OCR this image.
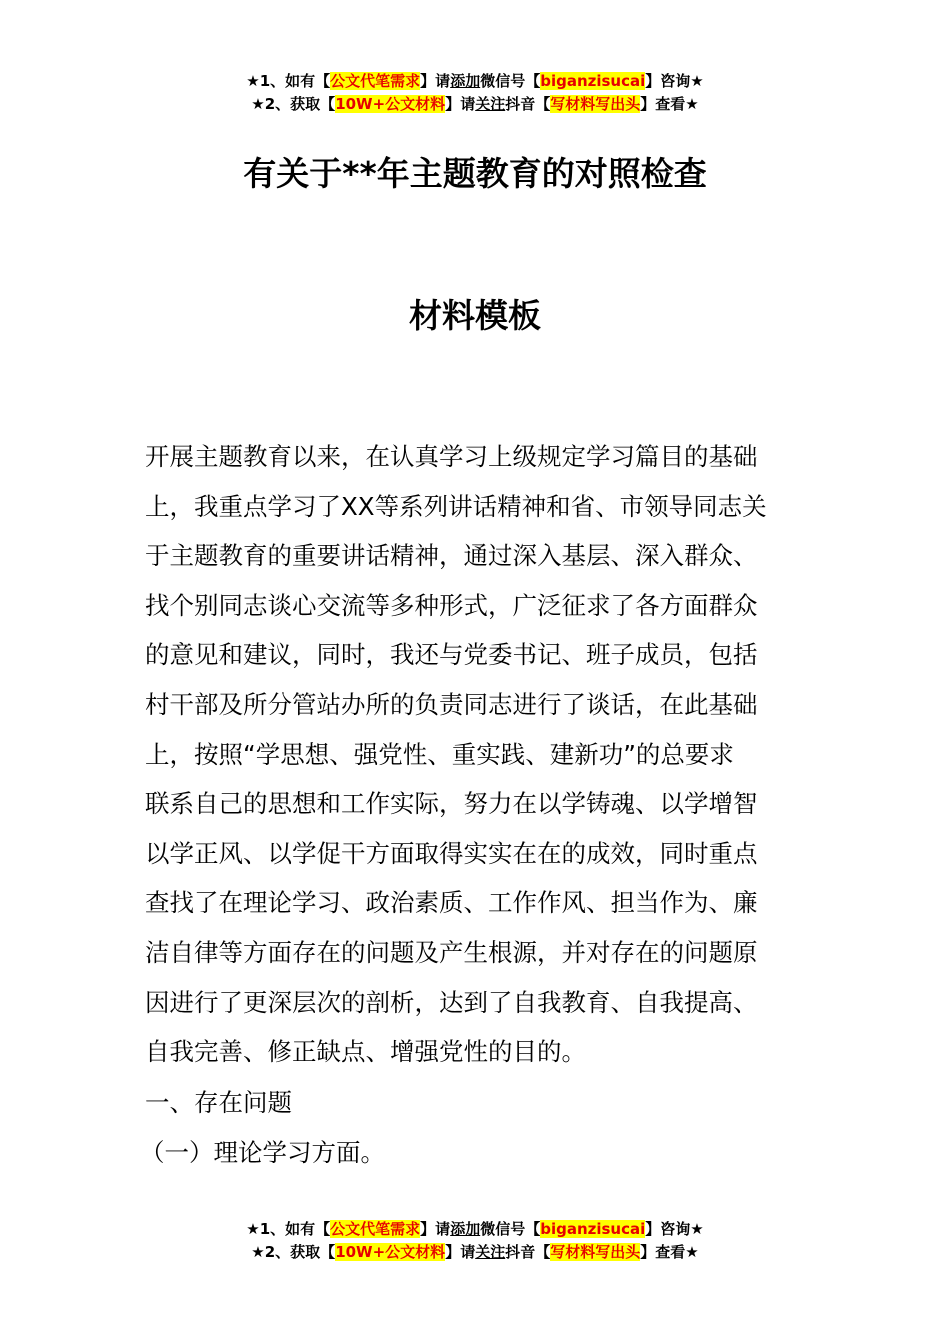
★1、如有【公文代笔需求】请添加微信号【biganzisucai】咨询★
★2、获取【10W+公文材料】请关注抖音【写材料写出头】查看★
有关于**年主题教育的对照检查
材料模板
开展主题教育以来，在认真学习上级规定学习篇目的基础
上，我重点学习了XX等系列讲话精神和省、市领导同志关
于主题教育的重要讲话精神，通过深入基层、深入群众、
找个别同志谈心交流等多种形式，广泛征求了各方面群众
的意见和建议，同时，我还与党委书记、班子成员，包括
村干部及所分管站办所的负责同志进行了谈话，在此基础
上，按照“学思想、强党性、重实践、建新功”的总要求
联系自己的思想和工作实际，努力在以学铸魂、以学增智
以学正风、以学促干方面取得实实在在的成效，同时重点
查找了在理论学习、政治素质、工作作风、担当作为、廉
洁自律等方面存在的问题及产生根源，并对存在的问题原
因进行了更深层次的剖析，达到了自我教育、自我提高、
自我完善、修正缺点、增强党性的目的。
一、存在问题
（一）理论学习方面。
★1、如有【公文代笔需求】请添加微信号【biganzisucai】咨询★
★2、获取【10W+公文材料】请关注抖音【写材料写出头】查看★
